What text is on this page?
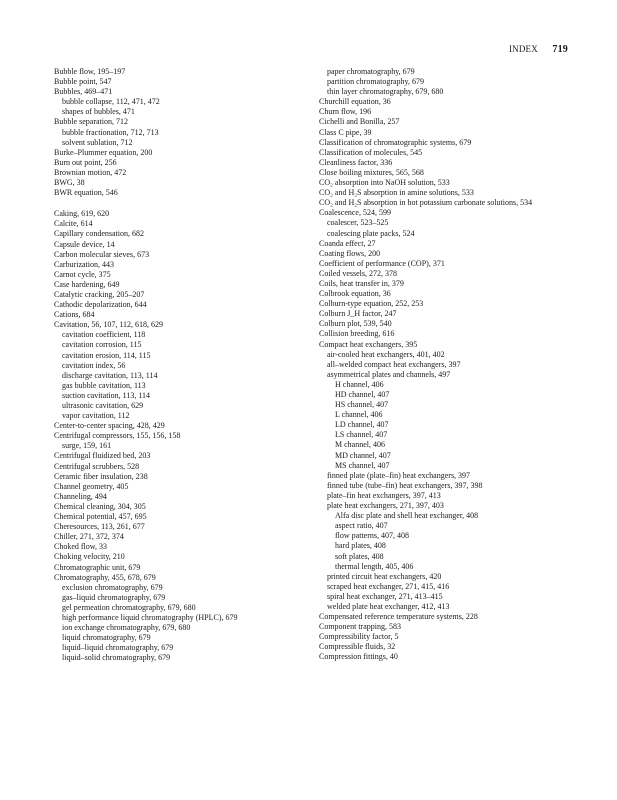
INDEX 719
Bubble flow, 195–197
Bubble point, 547
Bubbles, 469–471
bubble collapse, 112, 471, 472
shapes of bubbles, 471
Bubble separation, 712
bubble fractionation, 712, 713
solvent sublation, 712
Burke–Plummer equation, 200
Burn out point, 256
Brownian motion, 472
BWG, 38
BWR equation, 546
Caking, 619, 620
Calcite, 614
Capillary condensation, 682
Capsule device, 14
Carbon molecular sieves, 673
Carburization, 443
Carnot cycle, 375
Case hardening, 649
Catalytic cracking, 205–207
Cathodic depolarization, 644
Cations, 684
Cavitation, 56, 107, 112, 618, 629
cavitation coefficient, 118
cavitation corrosion, 115
cavitation erosion, 114, 115
cavitation index, 56
discharge cavitation, 113, 114
gas bubble cavitation, 113
suction cavitation, 113, 114
ultrasonic cavitation, 629
vapor cavitation, 112
Center-to-center spacing, 428, 429
Centrifugal compressors, 155, 156, 158
surge, 159, 161
Centrifugal fluidized bed, 203
Centrifugal scrubbers, 528
Ceramic fiber insulation, 238
Channel geometry, 405
Channeling, 494
Chemical cleaning, 304, 305
Chemical potential, 457, 695
Cheresources, 113, 261, 677
Chiller, 271, 372, 374
Choked flow, 33
Choking velocity, 210
Chromatographic unit, 679
Chromatography, 455, 678, 679
exclusion chromatography, 679
gas–liquid chromatography, 679
gel permeation chromatography, 679, 680
high performance liquid chromatography (HPLC), 679
ion exchange chromatography, 679, 680
liquid chromatography, 679
liquid–liquid chromatography, 679
liquid–solid chromatography, 679
paper chromatography, 679
partition chromatography, 679
thin layer chromatography, 679, 680
Churchill equation, 36
Churn flow, 196
Cichelli and Bonilla, 257
Class C pipe, 39
Classification of chromatographic systems, 679
Classification of molecules, 545
Cleanliness factor, 336
Close boiling mixtures, 565, 568
CO₂ absorption into NaOH solution, 533
CO₂ and H₂S absorption in amine solutions, 533
CO₂ and H₂S absorption in hot potassium carbonate solutions, 534
Coalescence, 524, 599
coalescer, 523–525
coalescing plate packs, 524
Coanda effect, 27
Coating flows, 200
Coefficient of performance (COP), 371
Coiled vessels, 272, 378
Coils, heat transfer in, 379
Colbrook equation, 36
Colburn-type equation, 252, 253
Colburn J_H factor, 247
Colburn plot, 539, 540
Collision breeding, 616
Compact heat exchangers, 395
air-cooled heat exchangers, 401, 402
all–welded compact heat exchangers, 397
asymmetrical plates and channels, 497
H channel, 406
HD channel, 407
HS channel, 407
L channel, 406
LD channel, 407
LS channel, 407
M channel, 406
MD channel, 407
MS channel, 407
finned plate (plate–fin) heat exchangers, 397
finned tube (tube–fin) heat exchangers, 397, 398
plate–fin heat exchangers, 397, 413
plate heat exchangers, 271, 397, 403
Alfa disc plate and shell heat exchanger, 408
aspect ratio, 407
flow patterns, 407, 408
hard plates, 408
soft plates, 408
thermal length, 405, 406
printed circuit heat exchangers, 420
scraped heat exchanger, 271, 415, 416
spiral heat exchanger, 271, 413–415
welded plate heat exchanger, 412, 413
Compensated reference temperature systems, 228
Component trapping, 583
Compressibility factor, 5
Compressible fluids, 32
Compression fittings, 40
